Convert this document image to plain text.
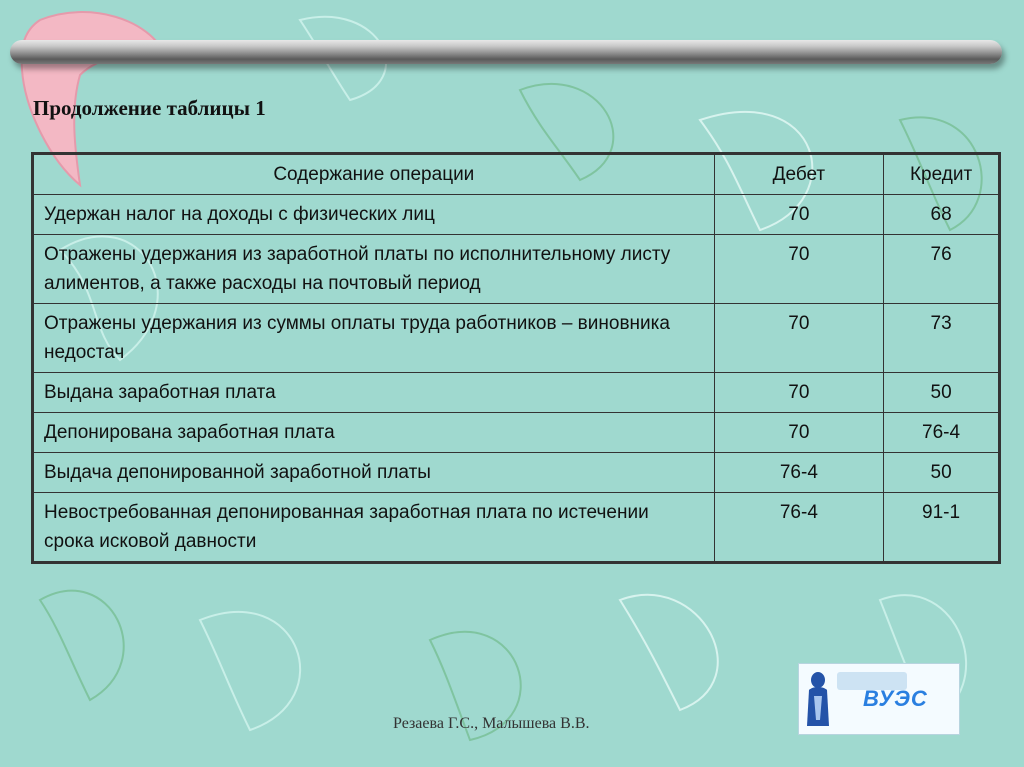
Продолжение таблицы 1
Содержание операции	Дебет	Кредит
Удержан налог на доходы с физических лиц	70	68
Отражены удержания из заработной платы по исполнительному листу алиментов, а также расходы на почтовый период	70	76
Отражены удержания из суммы оплаты труда работников – виновника недостач	70	73
Выдана заработная плата	70	50
Депонирована заработная плата	70	76-4
Выдача депонированной заработной платы	76-4	50
Невостребованная депонированная заработная плата по истечении срока исковой давности	76-4	91-1
ВУЭС
Резаева Г.С., Малышева В.В.
